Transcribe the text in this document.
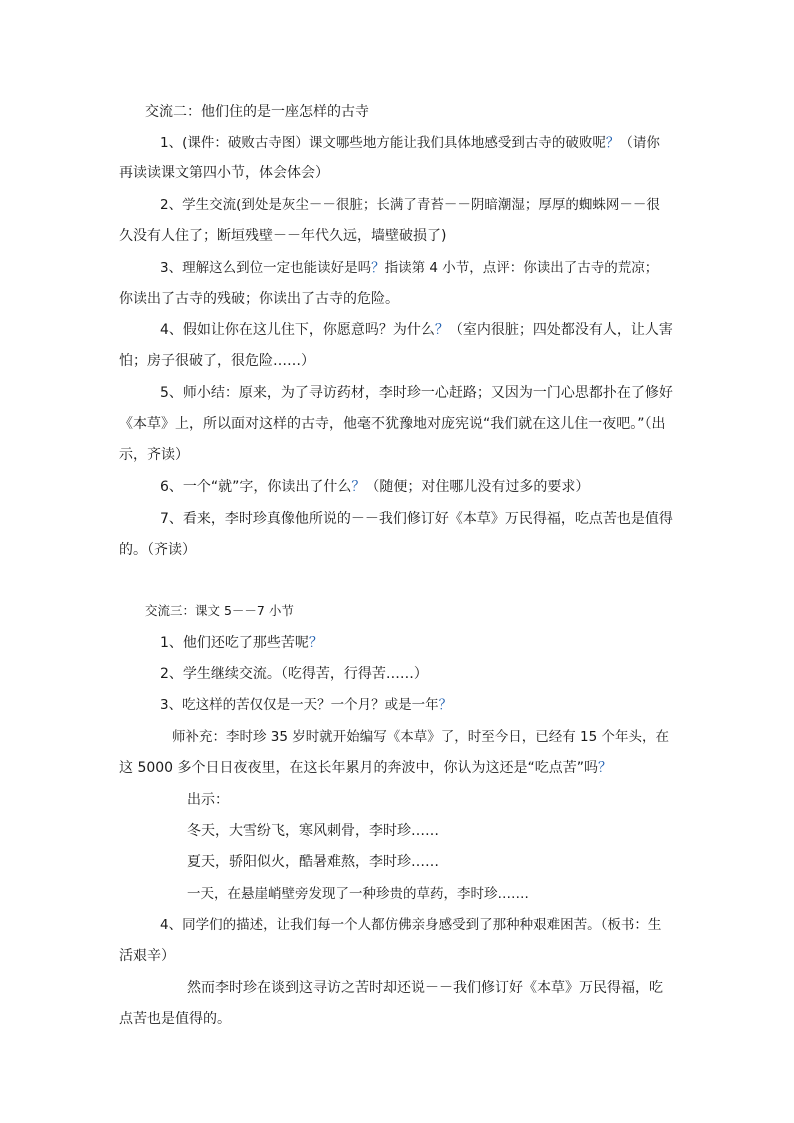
交流二：他们住的是一座怎样的古寺
1、(课件：破败古寺图）课文哪些地方能让我们具体地感受到古寺的破败呢？（请你
再读读课文第四小节，体会体会）
2、学生交流(到处是灰尘－－很脏；长满了青苔－－阴暗潮湿；厚厚的蜘蛛网－－很
久没有人住了；断垣残壁－－年代久远，墙壁破损了)
3、理解这么到位一定也能读好是吗？指读第 4 小节，点评：你读出了古寺的荒凉；
你读出了古寺的残破；你读出了古寺的危险。
4、假如让你在这儿住下，你愿意吗？为什么？（室内很脏；四处都没有人，让人害
怕；房子很破了，很危险……）
5、师小结：原来，为了寻访药材，李时珍一心赶路；又因为一门心思都扑在了修好
《本草》上，所以面对这样的古寺，他毫不犹豫地对庞宪说“我们就在这儿住一夜吧。”（出
示，齐读）
6、一个“就”字，你读出了什么？（随便；对住哪儿没有过多的要求）
7、看来，李时珍真像他所说的－－我们修订好《本草》万民得福，吃点苦也是值得
的。（齐读）
交流三：课文 5－－7 小节
1、他们还吃了那些苦呢？
2、学生继续交流。（吃得苦，行得苦……）
3、吃这样的苦仅仅是一天？一个月？或是一年？
师补充：李时珍 35 岁时就开始编写《本草》了，时至今日，已经有 15 个年头，在
这 5000 多个日日夜夜里，在这长年累月的奔波中，你认为这还是“吃点苦”吗？
出示：
冬天，大雪纷飞，寒风刺骨，李时珍……
夏天，骄阳似火，酷暑难熬，李时珍……
一天，在悬崖峭壁旁发现了一种珍贵的草药，李时珍…….
4、同学们的描述，让我们每一个人都仿佛亲身感受到了那种种艰难困苦。（板书：生
活艰辛）
然而李时珍在谈到这寻访之苦时却还说－－我们修订好《本草》万民得福，吃
点苦也是值得的。
